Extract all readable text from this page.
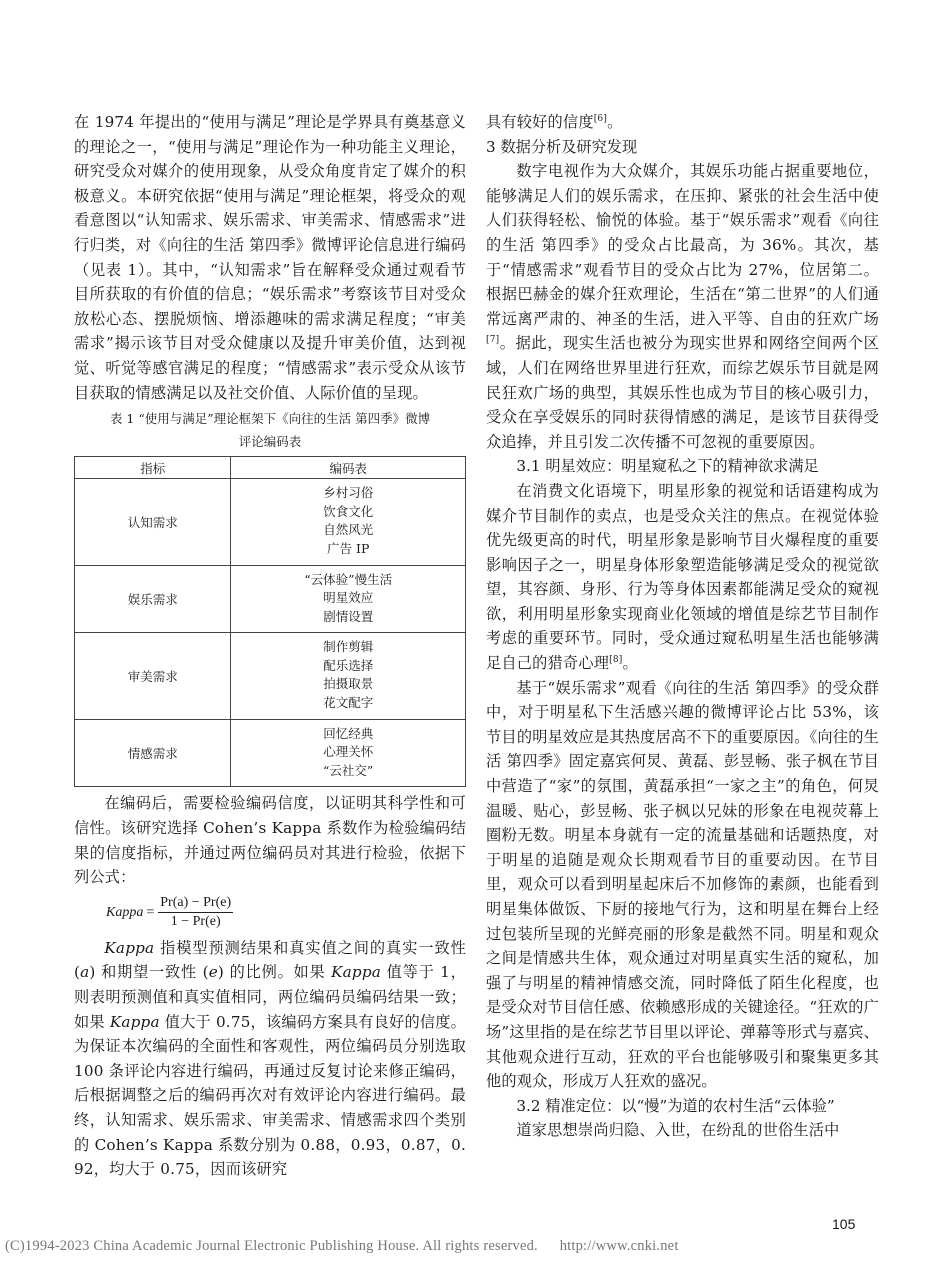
在 1974 年提出的“使用与满足”理论是学界具有奠基意义的理论之一，“使用与满足”理论作为一种功能主义理论，研究受众对媒介的使用现象，从受众角度肯定了媒介的积极意义。本研究依据“使用与满足”理论框架，将受众的观看意图以“认知需求、娱乐需求、审美需求、情感需求”进行归类，对《向往的生活 第四季》微博评论信息进行编码（见表 1）。其中，“认知需求”旨在解释受众通过观看节目所获取的有价值的信息；“娱乐需求”考察该节目对受众放松心态、摆脱烦恼、增添趣味的需求满足程度；“审美需求”揭示该节目对受众健康以及提升审美价值，达到视觉、听觉等感官满足的程度；“情感需求”表示受众从该节目获取的情感满足以及社交价值、人际价值的呈现。

表 1 “使用与满足”理论框架下《向往的生活 第四季》微博

评论编码表

指标	编码表
认知需求	乡村习俗
饮食文化
自然风光
广告 IP

娱乐需求	“云体验”慢生活
明星效应
剧情设置

审美需求	制作剪辑
配乐选择
拍摄取景
花文配字

情感需求	回忆经典
心理关怀
“云社交”

在编码后，需要检验编码信度，以证明其科学性和可信性。该研究选择 Cohen’s Kappa 系数作为检验编码结果的信度指标，并通过两位编码员对其进行检验，依据下列公式：

Kappa = $\frac{Pr(a) - Pr(e)}{1 - Pr(e)}$

Kappa 指模型预测结果和真实值之间的真实一致性 (a) 和期望一致性 (e) 的比例。如果 Kappa 值等于 1，则表明预测值和真实值相同，两位编码员编码结果一致；如果 Kappa 值大于 0.75，该编码方案具有良好的信度。为保证本次编码的全面性和客观性，两位编码员分别选取 100 条评论内容进行编码，再通过反复讨论来修正编码，后根据调整之后的编码再次对有效评论内容进行编码。最终，认知需求、娱乐需求、审美需求、情感需求四个类别的 Cohen’s Kappa 系数分别为 0.88，0.93，0.87，0.92，均大于 0.75，因而该研究

具有较好的信度[6]。

3 数据分析及研究发现

数字电视作为大众媒介，其娱乐功能占据重要地位，能够满足人们的娱乐需求，在压抑、紧张的社会生活中使人们获得轻松、愉悦的体验。基于“娱乐需求”观看《向往的生活 第四季》的受众占比最高，为 36%。其次，基于“情感需求”观看节目的受众占比为 27%，位居第二。根据巴赫金的媒介狂欢理论，生活在“第二世界”的人们通常远离严肃的、神圣的生活，进入平等、自由的狂欢广场[7]。据此，现实生活也被分为现实世界和网络空间两个区域，人们在网络世界里进行狂欢，而综艺娱乐节目就是网民狂欢广场的典型，其娱乐性也成为节目的核心吸引力，受众在享受娱乐的同时获得情感的满足，是该节目获得受众追捧，并且引发二次传播不可忽视的重要原因。

3.1 明星效应：明星窥私之下的精神欲求满足

在消费文化语境下，明星形象的视觉和话语建构成为媒介节目制作的卖点，也是受众关注的焦点。在视觉体验优先级更高的时代，明星形象是影响节目火爆程度的重要影响因子之一，明星身体形象塑造能够满足受众的视觉欲望，其容颜、身形、行为等身体因素都能满足受众的窥视欲，利用明星形象实现商业化领域的增值是综艺节目制作考虑的重要环节。同时，受众通过窥私明星生活也能够满足自己的猎奇心理[8]。

基于“娱乐需求”观看《向往的生活 第四季》的受众群中，对于明星私下生活感兴趣的微博评论占比 53%，该节目的明星效应是其热度居高不下的重要原因。《向往的生活 第四季》固定嘉宾何炅、黄磊、彭昱畅、张子枫在节目中营造了“家”的氛围，黄磊承担“一家之主”的角色，何炅温暖、贴心，彭昱畅、张子枫以兄妹的形象在电视荧幕上圈粉无数。明星本身就有一定的流量基础和话题热度，对于明星的追随是观众长期观看节目的重要动因。在节目里，观众可以看到明星起床后不加修饰的素颜，也能看到明星集体做饭、下厨的接地气行为，这和明星在舞台上经过包装所呈现的光鲜亮丽的形象是截然不同。明星和观众之间是情感共生体，观众通过对明星真实生活的窥私，加强了与明星的精神情感交流，同时降低了陌生化程度，也是受众对节目信任感、依赖感形成的关键途径。“狂欢的广场”这里指的是在综艺节目里以评论、弹幕等形式与嘉宾、其他观众进行互动，狂欢的平台也能够吸引和聚集更多其他的观众，形成万人狂欢的盛况。

3.2 精准定位：以“慢”为道的农村生活“云体验”

道家思想崇尚归隐、入世，在纷乱的世俗生活中

105
(C)1994-2023 China Academic Journal Electronic Publishing House. All rights reserved. http://www.cnki.net
